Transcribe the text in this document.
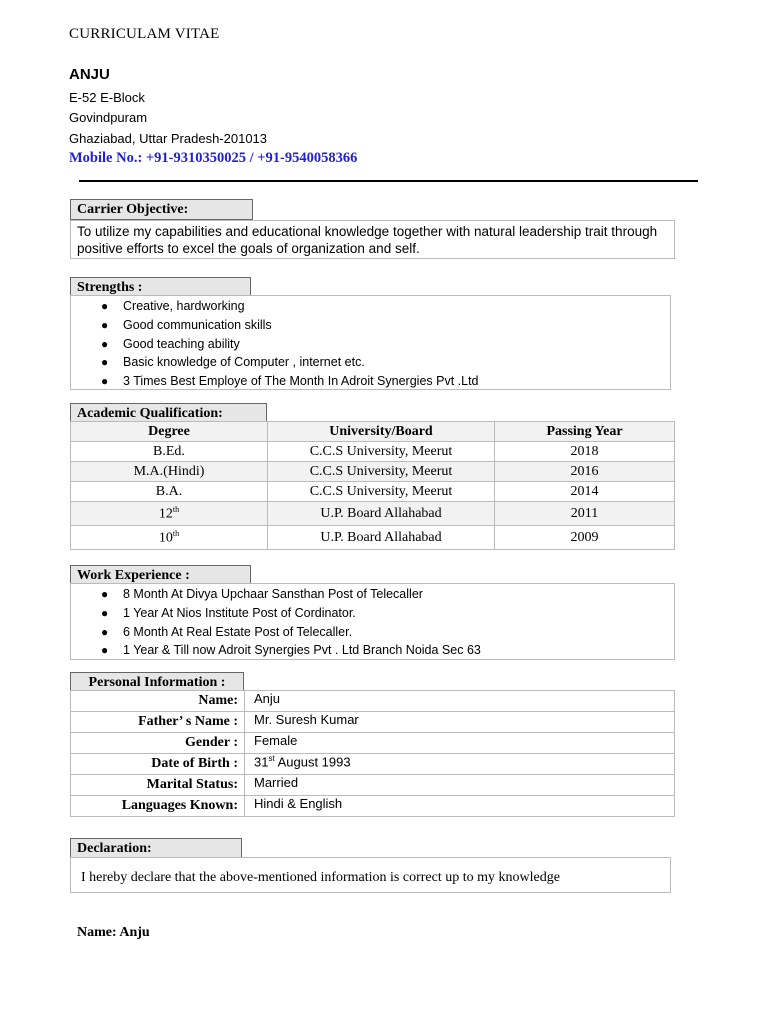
CURRICULAM VITAE
ANJU
E-52 E-Block
Govindpuram
Ghaziabad, Uttar Pradesh-201013
Mobile No.: +91-9310350025 / +91-9540058366
Carrier Objective:
To utilize my capabilities and educational knowledge together with natural leadership trait through positive efforts to excel the goals of organization and self.
Strengths :
● Creative, hardworking
● Good communication skills
● Good teaching ability
● Basic knowledge of Computer , internet etc.
● 3 Times Best Employe of The Month In Adroit Synergies Pvt .Ltd
Academic Qualification:
Degree	University/Board	Passing Year
B.Ed.	C.C.S University, Meerut	2018
M.A.(Hindi)	C.C.S University, Meerut	2016
B.A.	C.C.S University, Meerut	2014
12th	U.P. Board Allahabad	2011
10th	U.P. Board Allahabad	2009
Work Experience :
● 8 Month At Divya Upchaar Sansthan Post of Telecaller
● 1 Year At Nios Institute Post of Cordinator.
● 6 Month At Real Estate Post of Telecaller.
● 1 Year & Till now Adroit Synergies Pvt . Ltd Branch Noida Sec 63
Personal Information :
Name:	Anju
Father’ s Name :	Mr. Suresh Kumar
Gender :	Female
Date of Birth :	31st August 1993
Marital Status:	Married
Languages Known:	Hindi & English
Declaration:
I hereby declare that the above-mentioned information is correct up to my knowledge
Name: Anju
